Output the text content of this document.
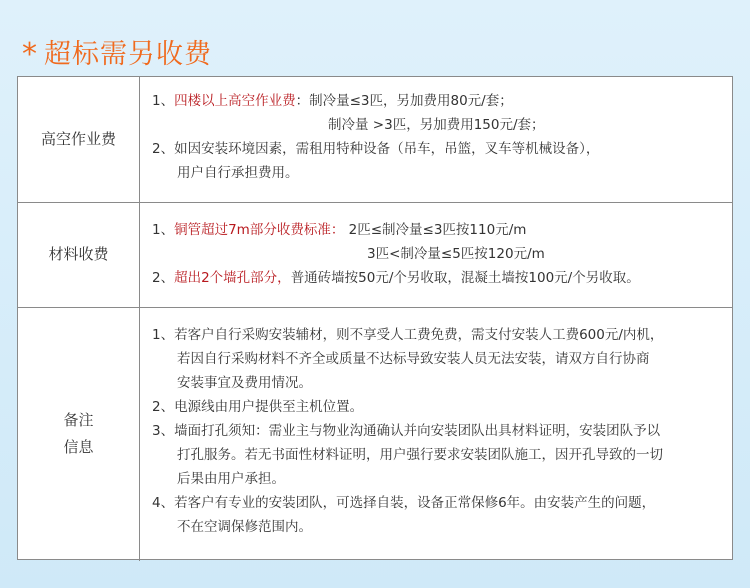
* 超标需另收费
高空作业费
1、四楼以上高空作业费：制冷量≤3匹，另加费用80元/套；
制冷量 >3匹，另加费用150元/套；
2、如因安装环境因素，需租用特种设备（吊车，吊篮，叉车等机械设备），
用户自行承担费用。
材料收费
1、铜管超过7m部分收费标准： 2匹≤制冷量≤3匹按110元/m
3匹<制冷量≤5匹按120元/m
2、超出2个墙孔部分，普通砖墙按50元/个另收取，混凝土墙按100元/个另收取。
备注
信息
1、若客户自行采购安装辅材，则不享受人工费免费，需支付安装人工费600元/内机，
若因自行采购材料不齐全或质量不达标导致安装人员无法安装，请双方自行协商
安装事宜及费用情况。
2、电源线由用户提供至主机位置。
3、墙面打孔须知：需业主与物业沟通确认并向安装团队出具材料证明，安装团队予以
打孔服务。若无书面性材料证明，用户强行要求安装团队施工，因开孔导致的一切
后果由用户承担。
4、若客户有专业的安装团队，可选择自装，设备正常保修6年。由安装产生的问题，
不在空调保修范围内。
